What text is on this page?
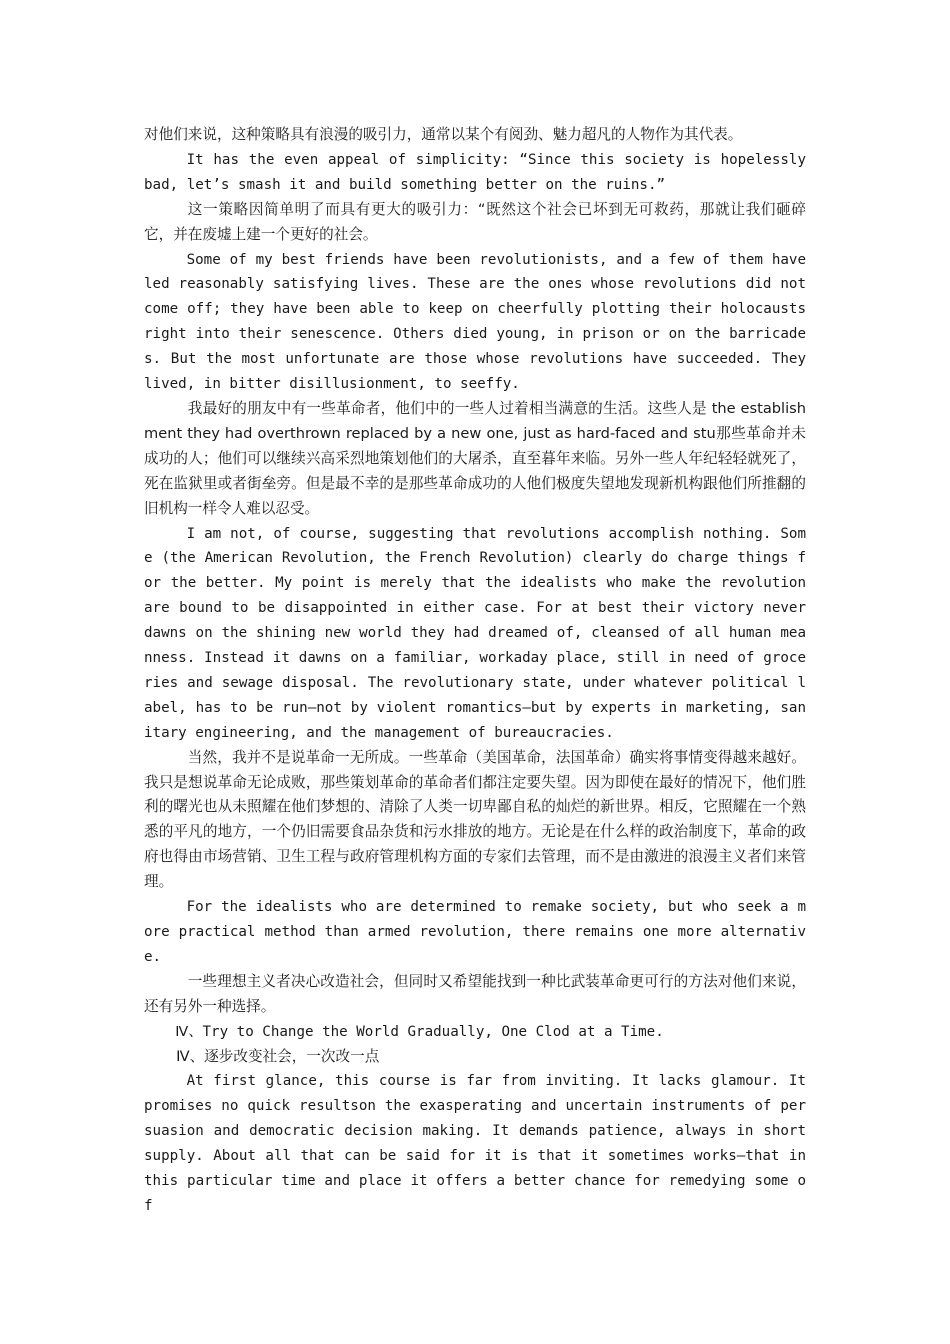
对他们来说，这种策略具有浪漫的吸引力，通常以某个有阅劲、魅力超凡的人物作为其代表。

It has the even appeal of simplicity: “Since this society is hopelessly bad, let’s smash it and build something better on the ruins.”

这一策略因简单明了而具有更大的吸引力：“既然这个社会已坏到无可救药，那就让我们砸碎它，并在废墟上建一个更好的社会。

Some of my best friends have been revolutionists, and a few of them have led reasonably satisfying lives. These are the ones whose revolutions did not come off; they have been able to keep on cheerfully plotting their holocausts right into their senescence. Others died young, in prison or on the barricades. But the most unfortunate are those whose revolutions have succeeded. They lived, in bitter disillusionment, to seeffy.

我最好的朋友中有一些革命者，他们中的一些人过着相当满意的生活。这些人是 the establishment they had overthrown replaced by a new one, just as hard-faced and stu那些革命并未成功的人；他们可以继续兴高采烈地策划他们的大屠杀，直至暮年来临。另外一些人年纪轻轻就死了，死在监狱里或者街垒旁。但是最不幸的是那些革命成功的人他们极度失望地发现新机构跟他们所推翻的旧机构一样令人难以忍受。

I am not, of course, suggesting that revolutions accomplish nothing. Some (the American Revolution, the French Revolution) clearly do charge things for the better. My point is merely that the idealists who make the revolution are bound to be disappointed in either case. For at best their victory never dawns on the shining new world they had dreamed of, cleansed of all human meanness. Instead it dawns on a familiar, workaday place, still in need of groceries and sewage disposal. The revolutionary state, under whatever political label, has to be run—not by violent romantics—but by experts in marketing, sanitary engineering, and the management of bureaucracies.

当然，我并不是说革命一无所成。一些革命（美国革命，法国革命）确实将事情变得越来越好。我只是想说革命无论成败，那些策划革命的革命者们都注定要失望。因为即使在最好的情况下，他们胜利的曙光也从未照耀在他们梦想的、清除了人类一切卑鄙自私的灿烂的新世界。相反，它照耀在一个熟悉的平凡的地方，一个仍旧需要食品杂货和污水排放的地方。无论是在什么样的政治制度下，革命的政府也得由市场营销、卫生工程与政府管理机构方面的专家们去管理，而不是由激进的浪漫主义者们来管理。

For the idealists who are determined to remake society, but who seek a more practical method than armed revolution, there remains one more alternative.

一些理想主义者决心改造社会，但同时又希望能找到一种比武装革命更可行的方法对他们来说，还有另外一种选择。

Ⅳ、Try to Change the World Gradually, One Clod at a Time.

Ⅳ、逐步改变社会，一次改一点

At first glance, this course is far from inviting. It lacks glamour. It promises no quick resultson the exasperating and uncertain instruments of persuasion and democratic decision making. It demands patience, always in short supply. About all that can be said for it is that it sometimes works—that in this particular time and place it offers a better chance for remedying some of
